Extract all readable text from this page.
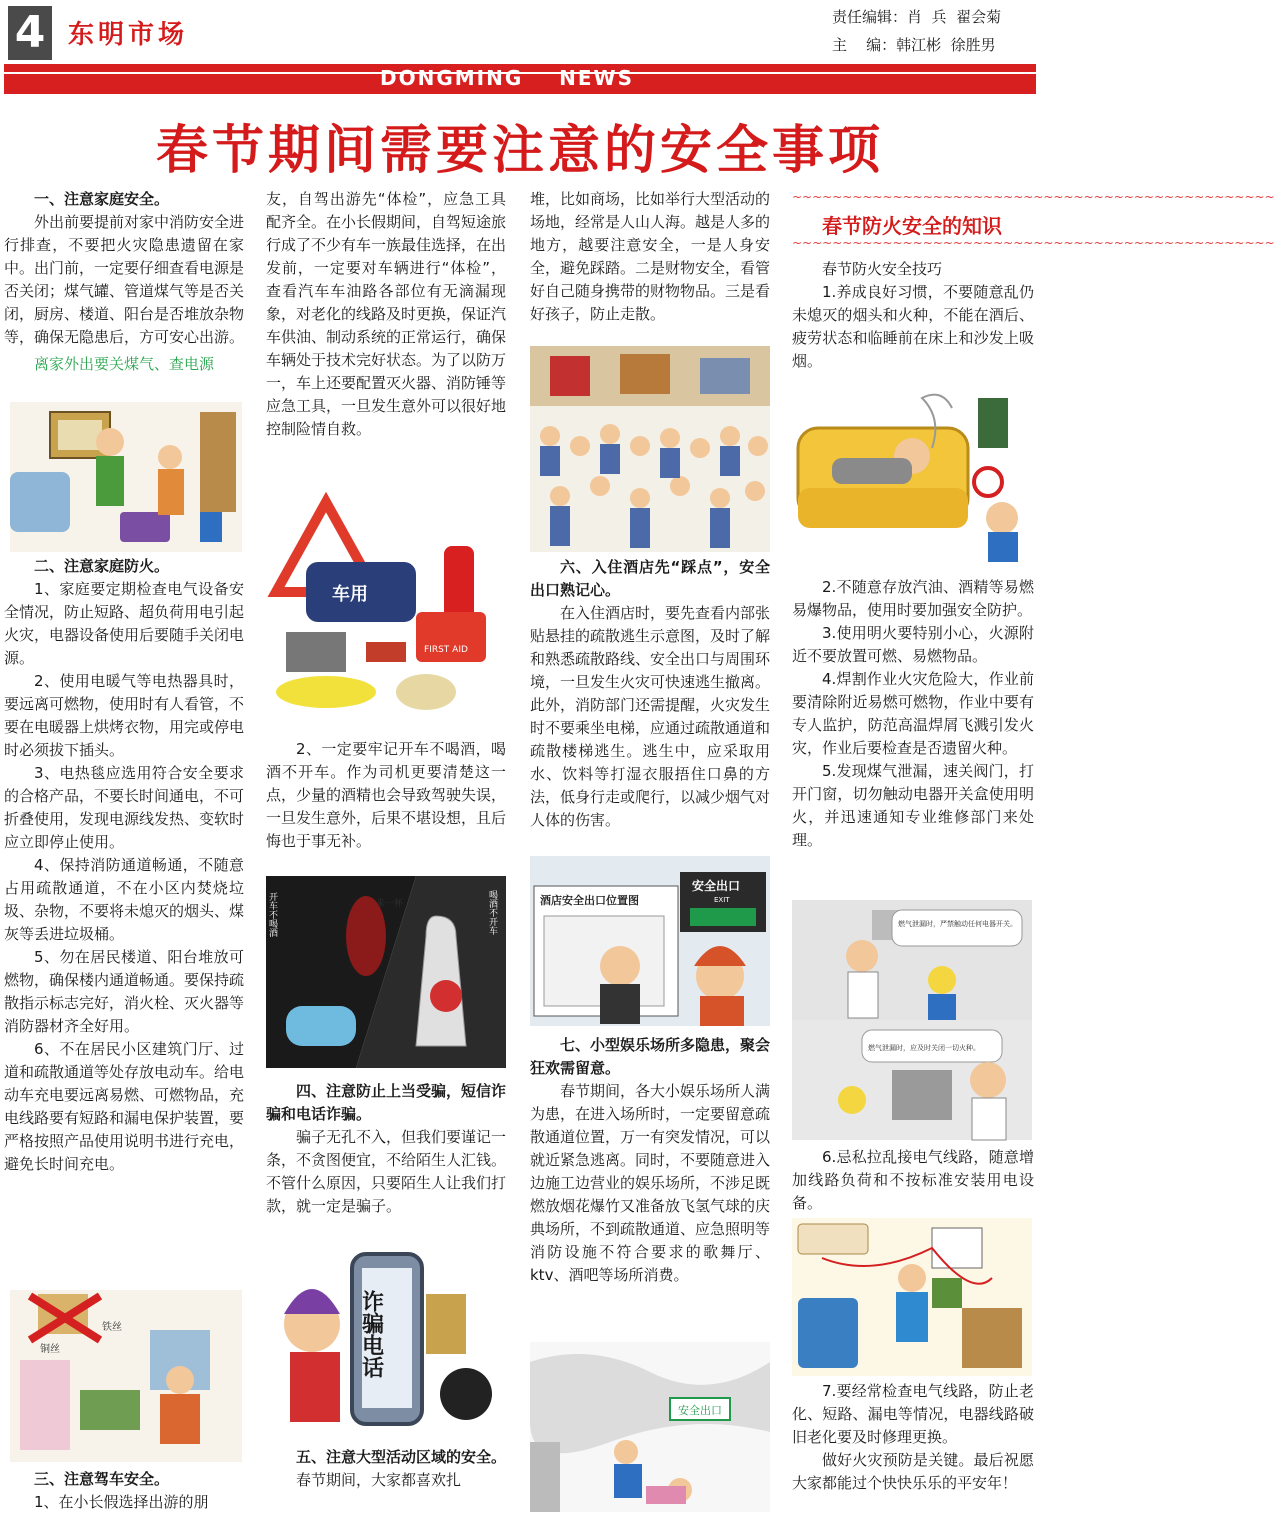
4 东明市场
责任编辑：肖  兵  翟会菊
主    编：韩江彬  徐胜男
DONGMING    NEWS
春节期间需要注意的安全事项

一、注意家庭安全。

外出前要提前对家中消防安全进行排查，不要把火灾隐患遗留在家中。出门前，一定要仔细查看电源是否关闭；煤气罐、管道煤气等是否关闭，厨房、楼道、阳台是否堆放杂物等，确保无隐患后，方可安心出游。

离家外出要关煤气、查电源

二、注意家庭防火。

1、家庭要定期检查电气设备安全情况，防止短路、超负荷用电引起火灾，电器设备使用后要随手关闭电源。

2、使用电暖气等电热器具时，要远离可燃物，使用时有人看管，不要在电暖器上烘烤衣物，用完或停电时必须拔下插头。

3、电热毯应选用符合安全要求的合格产品，不要长时间通电，不可折叠使用，发现电源线发热、变软时应立即停止使用。

4、保持消防通道畅通，不随意占用疏散通道，不在小区内焚烧垃圾、杂物，不要将未熄灭的烟头、煤灰等丢进垃圾桶。

5、勿在居民楼道、阳台堆放可燃物，确保楼内通道畅通。要保持疏散指示标志完好，消火栓、灭火器等消防器材齐全好用。

6、不在居民小区建筑门厅、过道和疏散通道等处存放电动车。给电动车充电要远离易燃、可燃物品，充电线路要有短路和漏电保护装置，要严格按照产品使用说明书进行充电，避免长时间充电。

铜丝
铁丝

三、注意驾车安全。

1、在小长假选择出游的朋

友，自驾出游先“体检”，应急工具配齐全。在小长假期间，自驾短途旅行成了不少有车一族最佳选择，在出发前，一定要对车辆进行“体检”，查看汽车车油路各部位有无滴漏现象，对老化的线路及时更换，保证汽车供油、制动系统的正常运行，确保车辆处于技术完好状态。为了以防万一，车上还要配置灭火器、消防锤等应急工具，一旦发生意外可以很好地控制险情自救。

车用
FIRST AID

2、一定要牢记开车不喝酒，喝酒不开车。作为司机更要清楚这一点，少量的酒精也会导致驾驶失误，一旦发生意外，后果不堪设想，且后悔也于事无补。

来一杯
开车不喝酒	喝酒不开车

四、注意防止上当受骗，短信诈骗和电话诈骗。

骗子无孔不入，但我们要谨记一条，不贪图便宜，不给陌生人汇钱。不管什么原因，只要陌生人让我们打款，就一定是骗子。

诈骗电话

五、注意大型活动区域的安全。

春节期间，大家都喜欢扎

堆，比如商场，比如举行大型活动的场地，经常是人山人海。越是人多的地方，越要注意安全，一是人身安全，避免踩踏。二是财物安全，看管好自己随身携带的财物物品。三是看好孩子，防止走散。

六、入住酒店先“踩点”，安全出口熟记心。

在入住酒店时，要先查看内部张贴悬挂的疏散逃生示意图，及时了解和熟悉疏散路线、安全出口与周围环境，一旦发生火灾可快速逃生撤离。此外，消防部门还需提醒，火灾发生时不要乘坐电梯，应通过疏散通道和疏散楼梯逃生。逃生中，应采取用水、饮料等打湿衣服捂住口鼻的方法，低身行走或爬行，以减少烟气对人体的伤害。

酒店安全出口位置图
安全出口
EXIT

七、小型娱乐场所多隐患，聚会狂欢需留意。

春节期间，各大小娱乐场所人满为患，在进入场所时，一定要留意疏散通道位置，万一有突发情况，可以就近紧急逃离。同时，不要随意进入边施工边营业的娱乐场所，不涉足既燃放烟花爆竹又准备放飞氢气球的庆典场所，不到疏散通道、应急照明等消防设施不符合要求的歌舞厅、ktv、酒吧等场所消费。

安全出口
~~~~~~~~~~~~~~~~~~~~~~~~~~~~~~~~~~~~~~~~~~~~~~~~
春节防火安全的知识
~~~~~~~~~~~~~~~~~~~~~~~~~~~~~~~~~~~~~~~~~~~~~~~~

春节防火安全技巧

1.养成良好习惯，不要随意乱仍未熄灭的烟头和火种，不能在酒后、疲劳状态和临睡前在床上和沙发上吸烟。

2.不随意存放汽油、酒精等易燃易爆物品，使用时要加强安全防护。

3.使用明火要特别小心，火源附近不要放置可燃、易燃物品。

4.焊割作业火灾危险大，作业前要清除附近易燃可燃物，作业中要有专人监护，防范高温焊屑飞溅引发火灾，作业后要检查是否遗留火种。

5.发现煤气泄漏，速关阀门，打开门窗，切勿触动电器开关盒使用明火，并迅速通知专业维修部门来处理。

燃气泄漏时，严禁触动任何电器开关。
燃气泄漏时，应及时关闭一切火种。

6.忌私拉乱接电气线路，随意增加线路负荷和不按标准安装用电设备。

7.要经常检查电气线路，防止老化、短路、漏电等情况，电器线路破旧老化要及时修理更换。

做好火灾预防是关键。最后祝愿大家都能过个快快乐乐的平安年！
